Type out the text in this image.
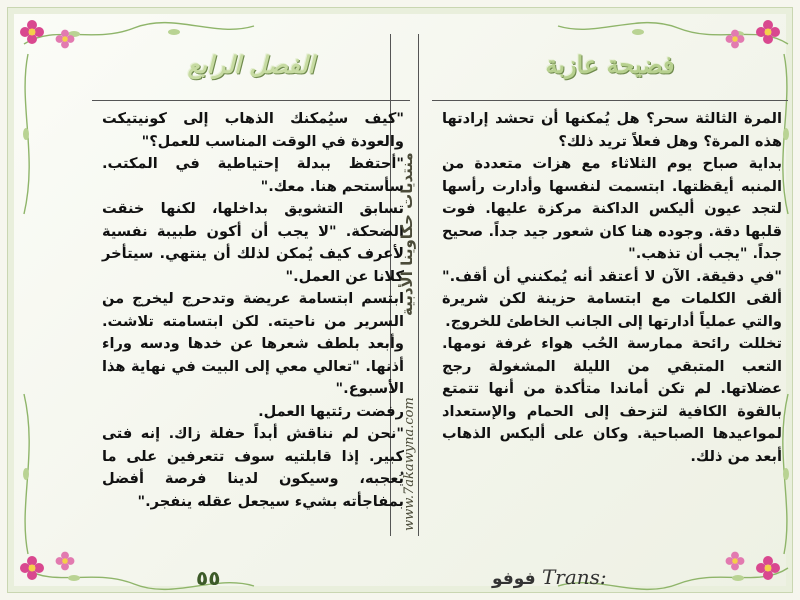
فضيحة عازبة

المرة الثالثة سحر؟ هل يُمكنها أن تحشد إرادتها هذه المرة؟ وهل فعلاً تريد ذلك؟

بداية صباح يوم الثلاثاء مع هزات متعددة من المنبه أيقظتها. ابتسمت لنفسها وأدارت رأسها لتجد عيون أليكس الداكنة مركزة عليها. فوت قلبها دقة. وجوده هنا كان شعور جيد جداً. صحيح جداً. "يجب أن تذهب."

"في دقيقة. الآن لا أعتقد أنه يُمكنني أن أقف." ألقى الكلمات مع ابتسامة حزينة لكن شريرة والتي عملياً أدارتها إلى الجانب الخاطئ للخروج.

تخللت رائحة ممارسة الحُب هواء غرفة نومها. التعب المتبقي من الليلة المشغولة رجج عضلاتها. لم تكن أماندا متأكدة من أنها تتمتع بالقوة الكافية لتزحف إلى الحمام والإستعداد لمواعيدها الصباحية. وكان على أليكس الذهاب أبعد من ذلك.

الفصل الرابع

"كيف سيُمكنك الذهاب إلى كونيتيكت والعودة في الوقت المناسب للعمل؟"

"أحتفظ ببدلة إحتياطية في المكتب. سأستحم هنا. معك."

تسابق التشويق بداخلها، لكنها خنقت الضحكة. "لا يجب أن أكون طبيبة نفسية لأعرف كيف يُمكن لذلك أن ينتهي. سيتأخر كلانا عن العمل."

ابتسم ابتسامة عريضة وتدحرج ليخرج من السرير من ناحيته. لكن ابتسامته تلاشت. وأبعد بلطف شعرها عن خدها ودسه وراء أذنها. "تعالي معي إلى البيت في نهاية هذا الأسبوع."

رفضت رئتيها العمل.

"نحن لم نناقش أبداً حفلة زاك. إنه فتى كبير. إذا قابلتيه سوف تتعرفين على ما يُعجبه، وسيكون لدينا فرصة أفضل بمفاجأته بشيء سيجعل عقله ينفجر."

منتديات حكاوينا الأدبية
www.7akawyna.com
٥٥	فوفو Trans:
